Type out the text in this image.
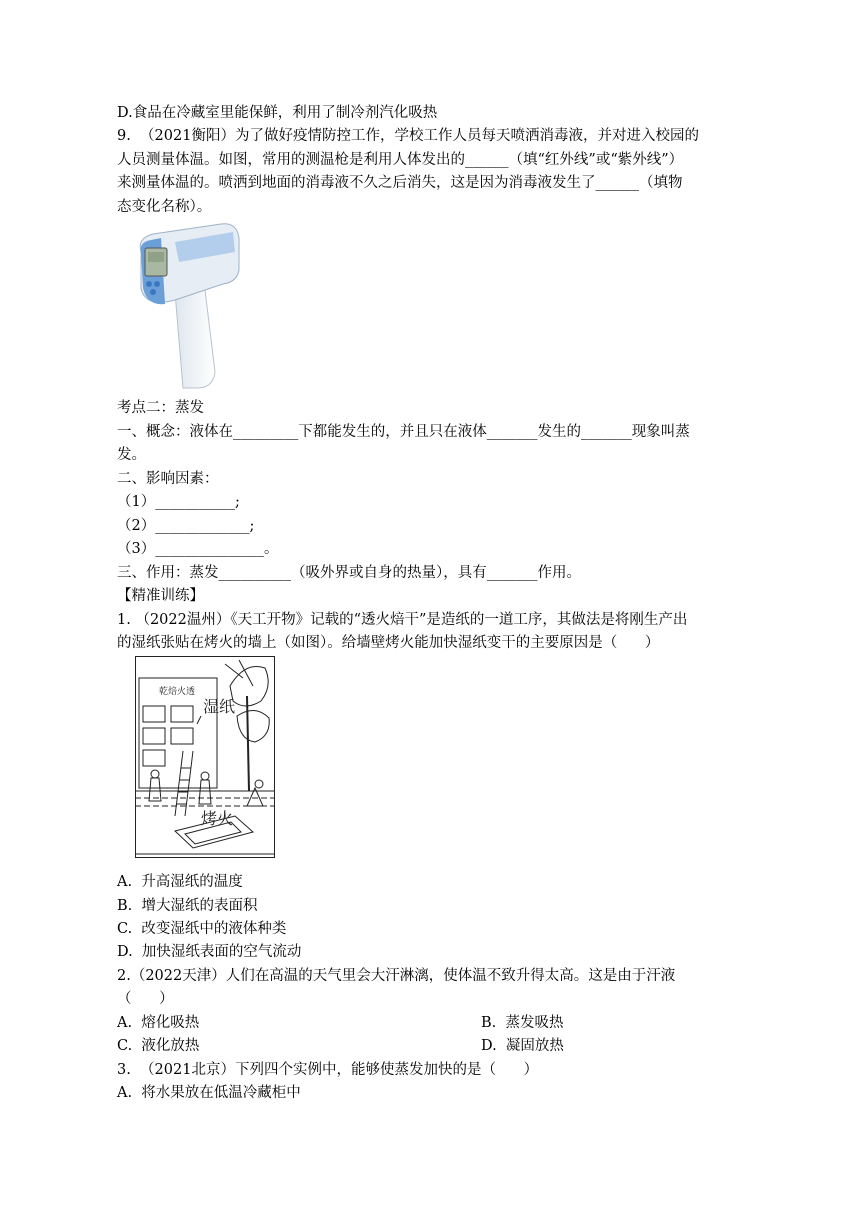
D.食品在冷藏室里能保鲜，利用了制冷剂汽化吸热
9.  （2021衡阳）为了做好疫情防控工作，学校工作人员每天喷洒消毒液，并对进入校园的
人员测量体温。如图，常用的测温枪是利用人体发出的______（填“红外线”或“紫外线”）
来测量体温的。喷洒到地面的消毒液不久之后消失，这是因为消毒液发生了______（填物
态变化名称）。
考点二：蒸发
一、概念：液体在_________下都能发生的，并且只在液体_______发生的_______现象叫蒸
发。
二、影响因素：
（1）___________;
（2）_____________;
（3）_______________。
三、作用：蒸发__________（吸外界或自身的热量），具有_______作用。
【精准训练】
1. （2022温州）《天工开物》记载的“透火焙干”是造纸的一道工序，其做法是将刚生产出
的湿纸张贴在烤火的墙上（如图）。给墙壁烤火能加快湿纸变干的主要原因是（      ）
乾焙火透
湿纸
烤火
A.  升高湿纸的温度
B.  增大湿纸的表面积
C.  改变湿纸中的液体种类
D.  加快湿纸表面的空气流动
2.（2022天津）人们在高温的天气里会大汗淋漓，使体温不致升得太高。这是由于汗液
（      ）
A.  熔化吸热	B.  蒸发吸热
C.  液化放热	D.  凝固放热
3.  （2021北京）下列四个实例中，能够使蒸发加快的是（      ）
A.  将水果放在低温冷藏柜中
